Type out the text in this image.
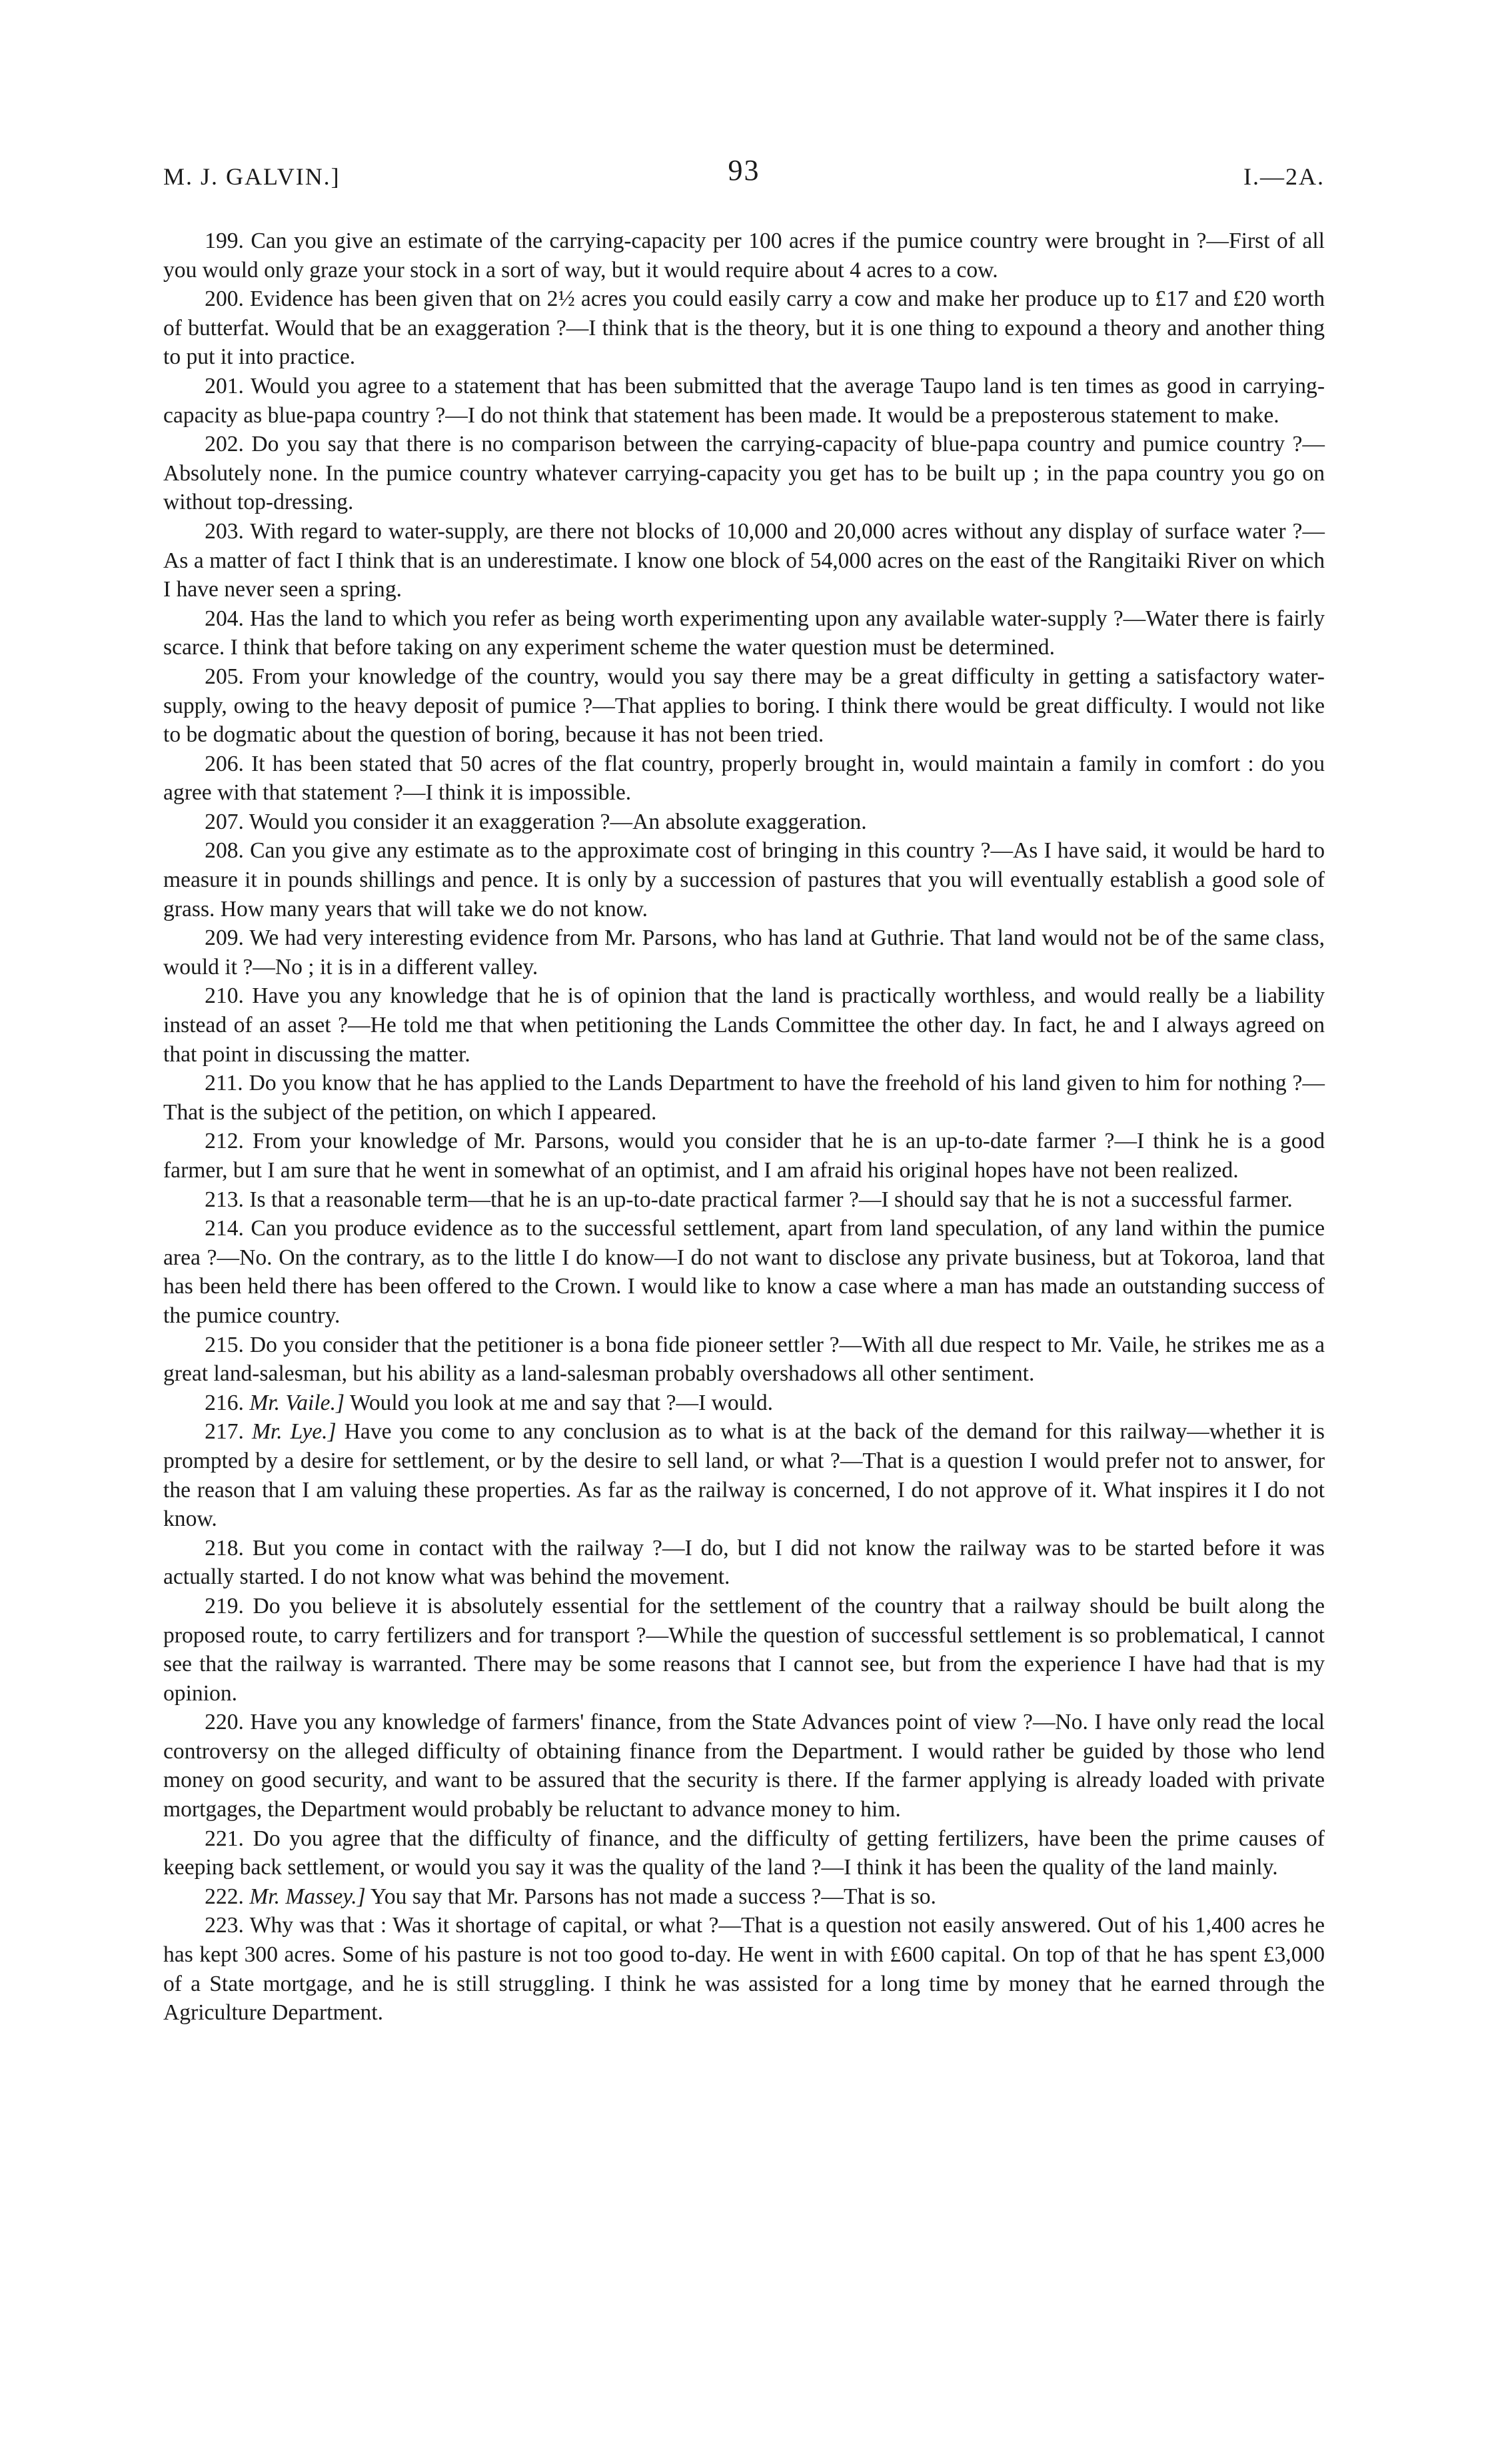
M. J. GALVIN.]	93	I.—2A.

199. Can you give an estimate of the carrying-capacity per 100 acres if the pumice country were brought in ?—First of all you would only graze your stock in a sort of way, but it would require about 4 acres to a cow.

200. Evidence has been given that on 2½ acres you could easily carry a cow and make her produce up to £17 and £20 worth of butterfat. Would that be an exaggeration ?—I think that is the theory, but it is one thing to expound a theory and another thing to put it into practice.

201. Would you agree to a statement that has been submitted that the average Taupo land is ten times as good in carrying-capacity as blue-papa country ?—I do not think that statement has been made. It would be a preposterous statement to make.

202. Do you say that there is no comparison between the carrying-capacity of blue-papa country and pumice country ?—Absolutely none. In the pumice country whatever carrying-capacity you get has to be built up ; in the papa country you go on without top-dressing.

203. With regard to water-supply, are there not blocks of 10,000 and 20,000 acres without any display of surface water ?—As a matter of fact I think that is an underestimate. I know one block of 54,000 acres on the east of the Rangitaiki River on which I have never seen a spring.

204. Has the land to which you refer as being worth experimenting upon any available water-supply ?—Water there is fairly scarce. I think that before taking on any experiment scheme the water question must be determined.

205. From your knowledge of the country, would you say there may be a great difficulty in getting a satisfactory water-supply, owing to the heavy deposit of pumice ?—That applies to boring. I think there would be great difficulty. I would not like to be dogmatic about the question of boring, because it has not been tried.

206. It has been stated that 50 acres of the flat country, properly brought in, would maintain a family in comfort : do you agree with that statement ?—I think it is impossible.

207. Would you consider it an exaggeration ?—An absolute exaggeration.

208. Can you give any estimate as to the approximate cost of bringing in this country ?—As I have said, it would be hard to measure it in pounds shillings and pence. It is only by a succession of pastures that you will eventually establish a good sole of grass. How many years that will take we do not know.

209. We had very interesting evidence from Mr. Parsons, who has land at Guthrie. That land would not be of the same class, would it ?—No ; it is in a different valley.

210. Have you any knowledge that he is of opinion that the land is practically worthless, and would really be a liability instead of an asset ?—He told me that when petitioning the Lands Committee the other day. In fact, he and I always agreed on that point in discussing the matter.

211. Do you know that he has applied to the Lands Department to have the freehold of his land given to him for nothing ?—That is the subject of the petition, on which I appeared.

212. From your knowledge of Mr. Parsons, would you consider that he is an up-to-date farmer ?—I think he is a good farmer, but I am sure that he went in somewhat of an optimist, and I am afraid his original hopes have not been realized.

213. Is that a reasonable term—that he is an up-to-date practical farmer ?—I should say that he is not a successful farmer.

214. Can you produce evidence as to the successful settlement, apart from land speculation, of any land within the pumice area ?—No. On the contrary, as to the little I do know—I do not want to disclose any private business, but at Tokoroa, land that has been held there has been offered to the Crown. I would like to know a case where a man has made an outstanding success of the pumice country.

215. Do you consider that the petitioner is a bona fide pioneer settler ?—With all due respect to Mr. Vaile, he strikes me as a great land-salesman, but his ability as a land-salesman probably overshadows all other sentiment.

216. Mr. Vaile.] Would you look at me and say that ?—I would.

217. Mr. Lye.] Have you come to any conclusion as to what is at the back of the demand for this railway—whether it is prompted by a desire for settlement, or by the desire to sell land, or what ?—That is a question I would prefer not to answer, for the reason that I am valuing these properties. As far as the railway is concerned, I do not approve of it. What inspires it I do not know.

218. But you come in contact with the railway ?—I do, but I did not know the railway was to be started before it was actually started. I do not know what was behind the movement.

219. Do you believe it is absolutely essential for the settlement of the country that a railway should be built along the proposed route, to carry fertilizers and for transport ?—While the question of successful settlement is so problematical, I cannot see that the railway is warranted. There may be some reasons that I cannot see, but from the experience I have had that is my opinion.

220. Have you any knowledge of farmers' finance, from the State Advances point of view ?—No. I have only read the local controversy on the alleged difficulty of obtaining finance from the Department. I would rather be guided by those who lend money on good security, and want to be assured that the security is there. If the farmer applying is already loaded with private mortgages, the Department would probably be reluctant to advance money to him.

221. Do you agree that the difficulty of finance, and the difficulty of getting fertilizers, have been the prime causes of keeping back settlement, or would you say it was the quality of the land ?—I think it has been the quality of the land mainly.

222. Mr. Massey.] You say that Mr. Parsons has not made a success ?—That is so.

223. Why was that : Was it shortage of capital, or what ?—That is a question not easily answered. Out of his 1,400 acres he has kept 300 acres. Some of his pasture is not too good to-day. He went in with £600 capital. On top of that he has spent £3,000 of a State mortgage, and he is still struggling. I think he was assisted for a long time by money that he earned through the Agriculture Department.
